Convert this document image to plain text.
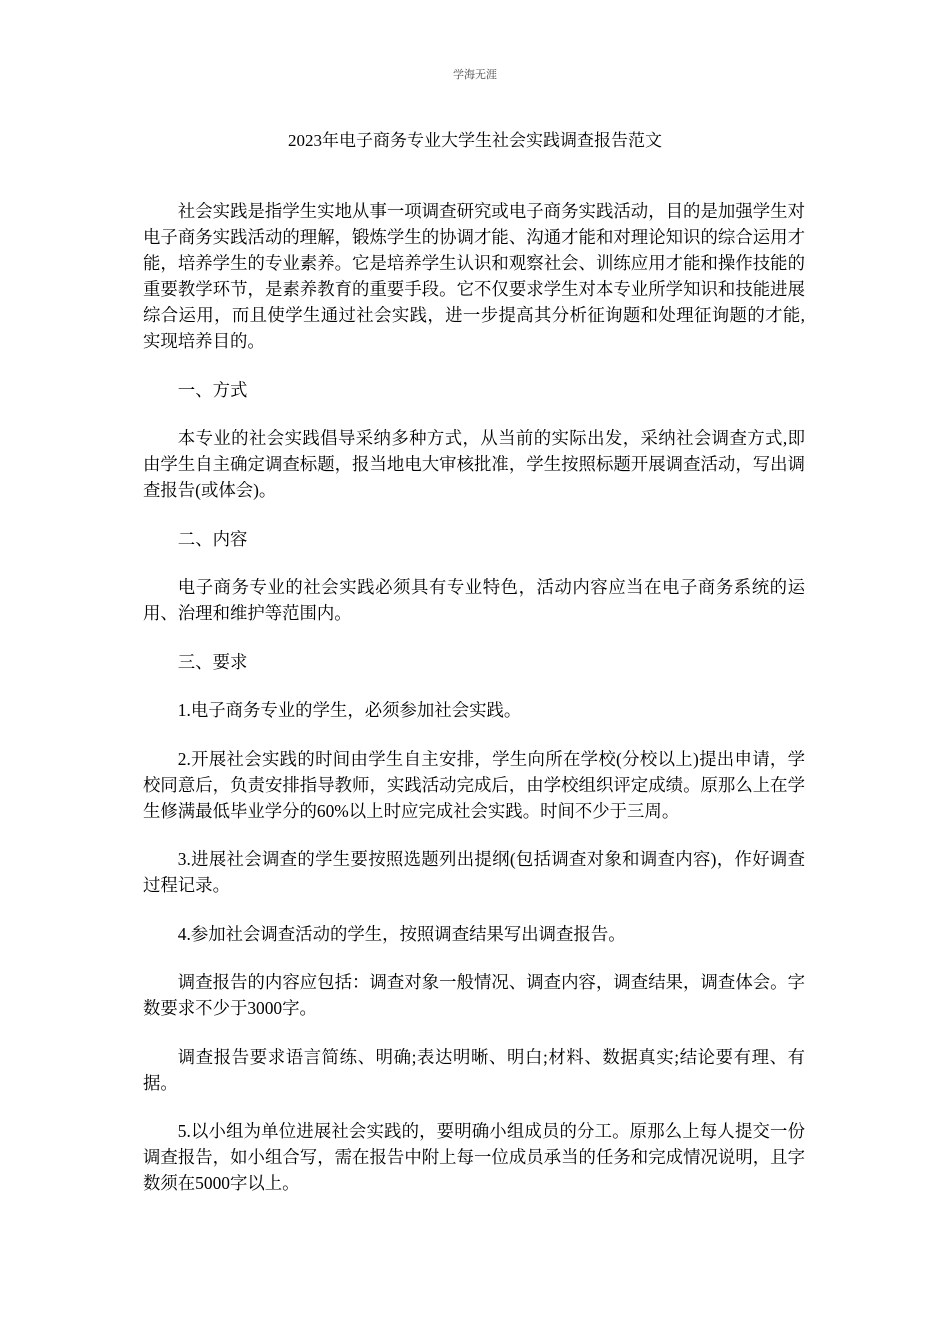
学海无涯
2023年电子商务专业大学生社会实践调查报告范文

社会实践是指学生实地从事一项调查研究或电子商务实践活动，目的是加强学生对电子商务实践活动的理解，锻炼学生的协调才能、沟通才能和对理论知识的综合运用才能，培养学生的专业素养。它是培养学生认识和观察社会、训练应用才能和操作技能的重要教学环节，是素养教育的重要手段。它不仅要求学生对本专业所学知识和技能进展综合运用，而且使学生通过社会实践，进一步提高其分析征询题和处理征询题的才能,实现培养目的。

一、方式

本专业的社会实践倡导采纳多种方式，从当前的实际出发，采纳社会调查方式,即由学生自主确定调查标题，报当地电大审核批准，学生按照标题开展调查活动，写出调查报告(或体会)。

二、内容

电子商务专业的社会实践必须具有专业特色，活动内容应当在电子商务系统的运用、治理和维护等范围内。

三、要求

1.电子商务专业的学生，必须参加社会实践。

2.开展社会实践的时间由学生自主安排，学生向所在学校(分校以上)提出申请，学校同意后，负责安排指导教师，实践活动完成后，由学校组织评定成绩。原那么上在学生修满最低毕业学分的60%以上时应完成社会实践。时间不少于三周。

3.进展社会调查的学生要按照选题列出提纲(包括调查对象和调查内容)，作好调查过程记录。

4.参加社会调查活动的学生，按照调查结果写出调查报告。

调查报告的内容应包括：调查对象一般情况、调查内容，调查结果，调查体会。字数要求不少于3000字。

调查报告要求语言简练、明确;表达明晰、明白;材料、数据真实;结论要有理、有据。

5.以小组为单位进展社会实践的，要明确小组成员的分工。原那么上每人提交一份调查报告，如小组合写，需在报告中附上每一位成员承当的任务和完成情况说明，且字数须在5000字以上。
